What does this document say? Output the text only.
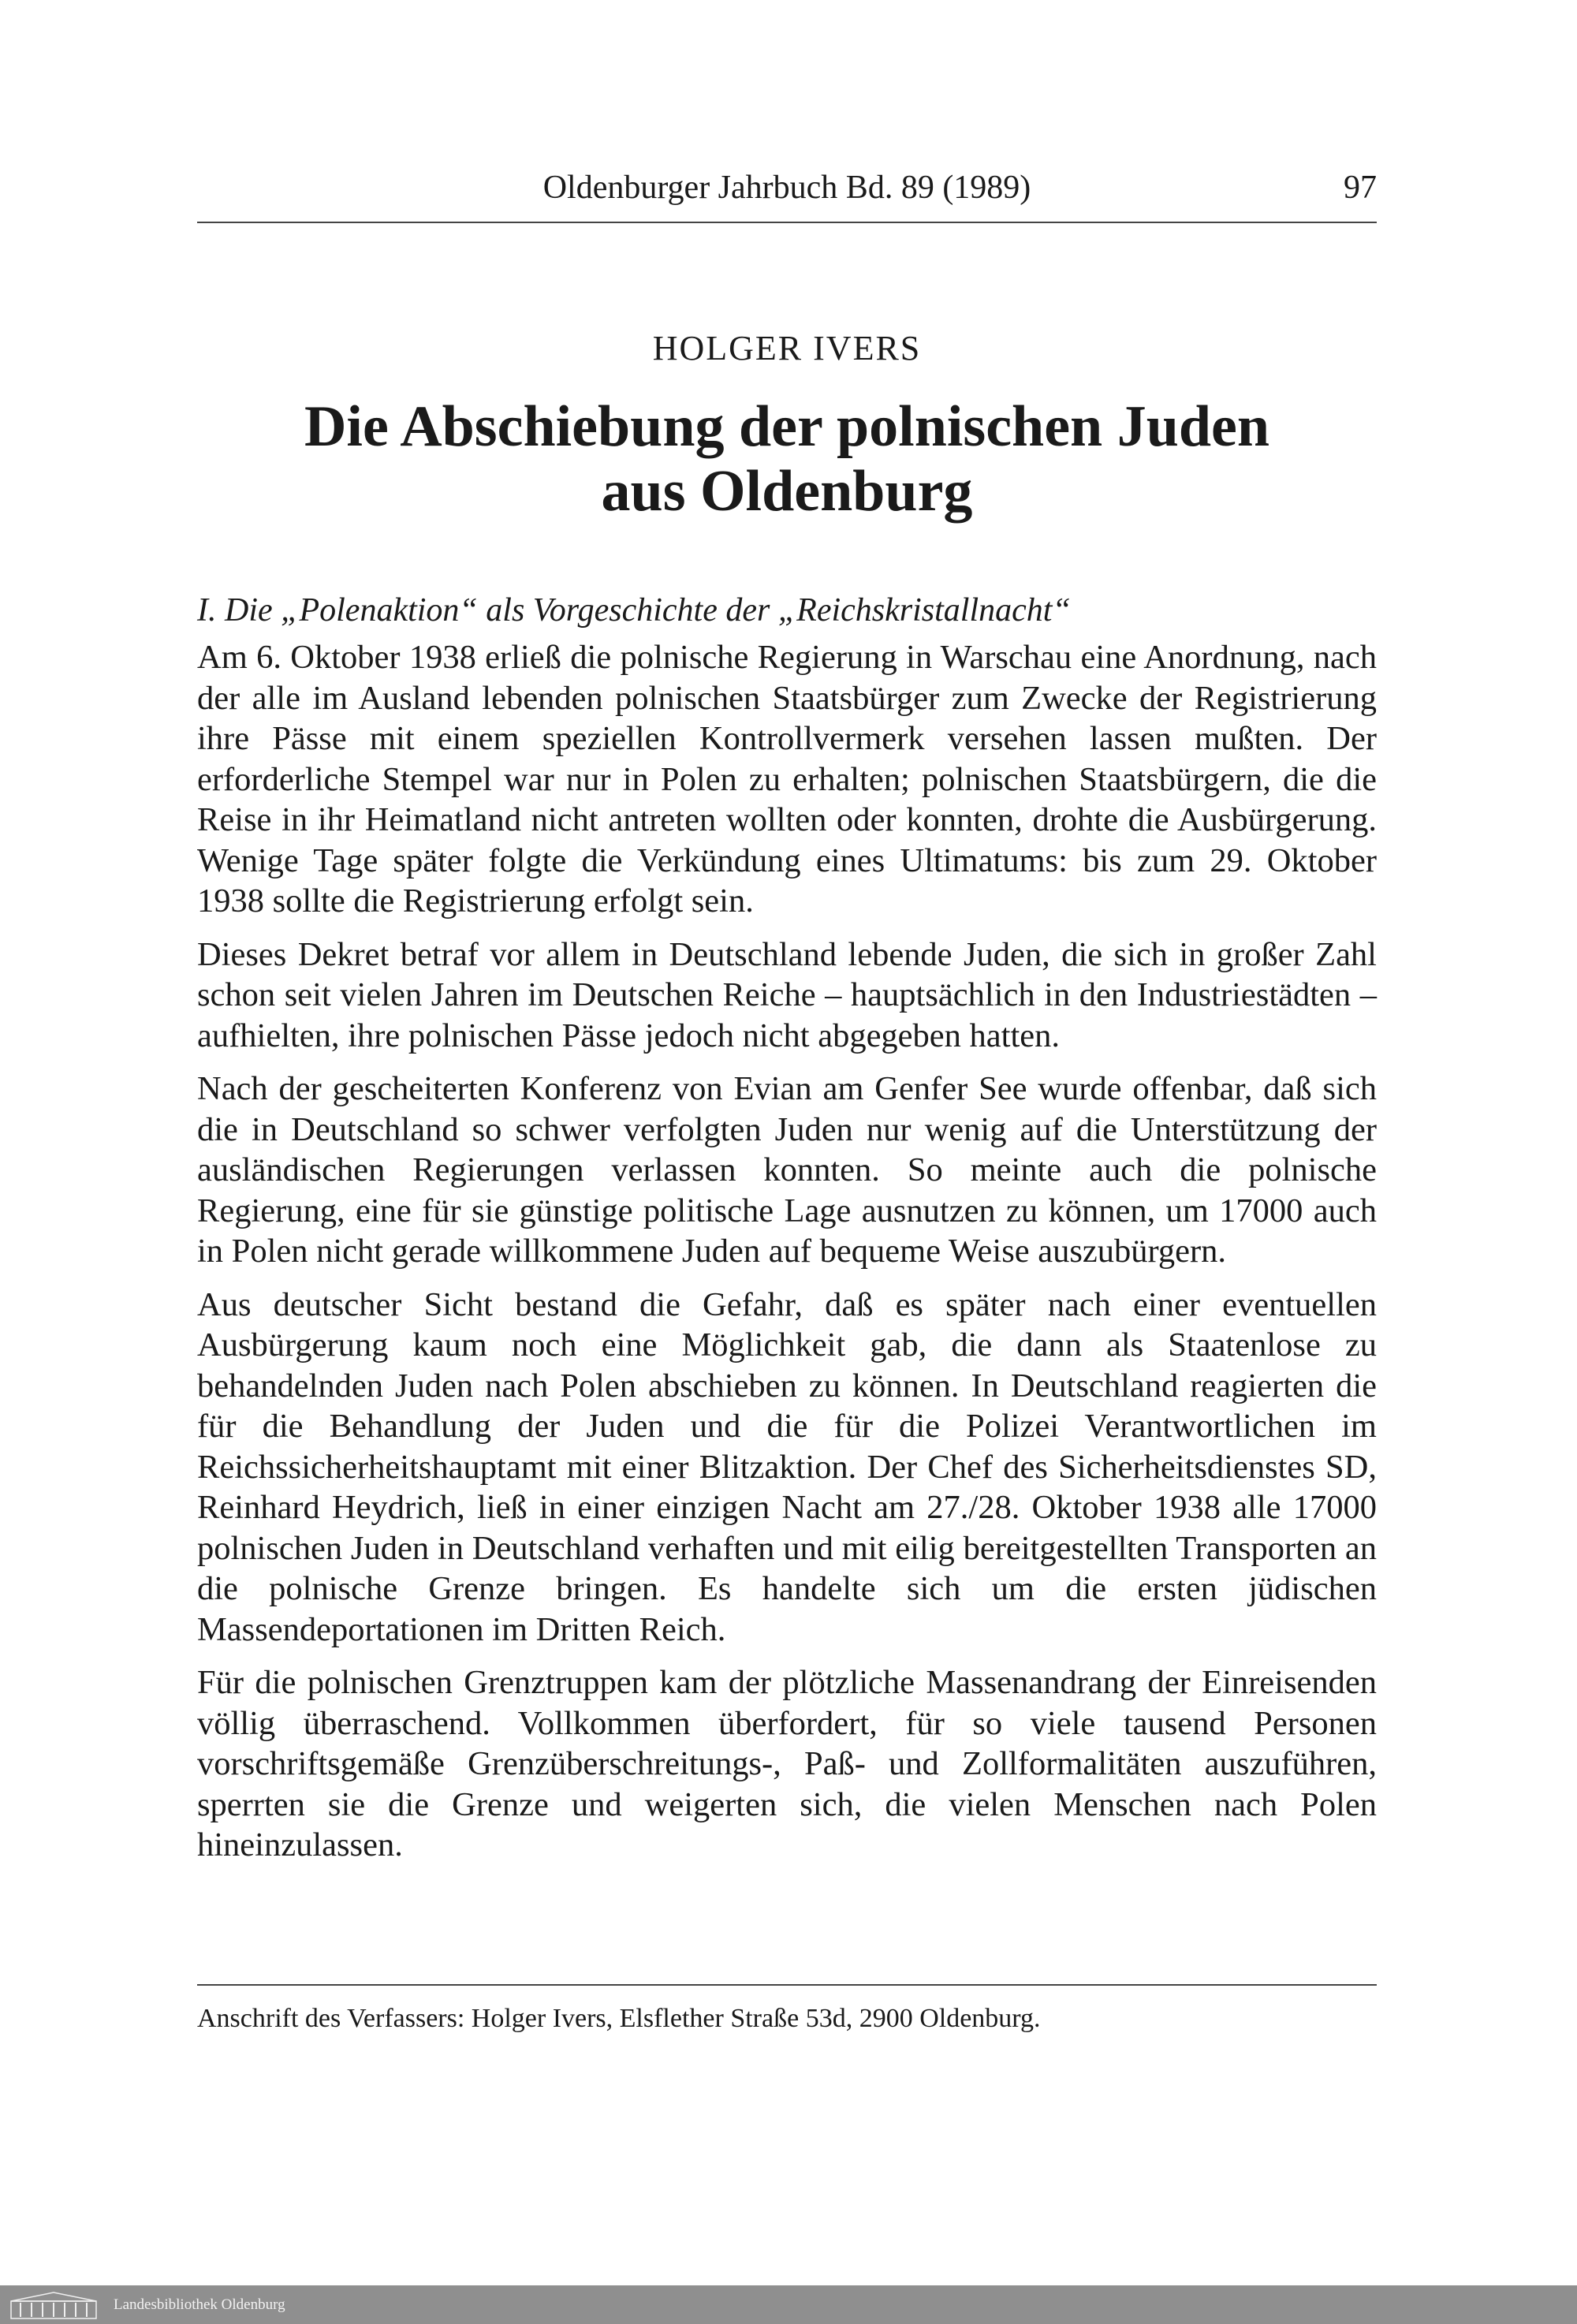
Oldenburger Jahrbuch Bd. 89 (1989)	97
HOLGER IVERS
Die Abschiebung der polnischen Juden
aus Oldenburg
I. Die „Polenaktion“ als Vorgeschichte der „Reichskristallnacht“

Am 6. Oktober 1938 erließ die polnische Regierung in Warschau eine Anordnung, nach der alle im Ausland lebenden polnischen Staatsbürger zum Zwecke der Registrierung ihre Pässe mit einem speziellen Kontrollvermerk versehen lassen mußten. Der erforderliche Stempel war nur in Polen zu erhalten; polnischen Staatsbürgern, die die Reise in ihr Heimatland nicht antreten wollten oder konnten, drohte die Ausbürgerung. Wenige Tage später folgte die Verkündung eines Ultimatums: bis zum 29. Oktober 1938 sollte die Registrierung erfolgt sein.

Dieses Dekret betraf vor allem in Deutschland lebende Juden, die sich in großer Zahl schon seit vielen Jahren im Deutschen Reiche – hauptsächlich in den Industriestädten – aufhielten, ihre polnischen Pässe jedoch nicht abgegeben hatten.

Nach der gescheiterten Konferenz von Evian am Genfer See wurde offenbar, daß sich die in Deutschland so schwer verfolgten Juden nur wenig auf die Unterstützung der ausländischen Regierungen verlassen konnten. So meinte auch die polnische Regierung, eine für sie günstige politische Lage ausnutzen zu können, um 17000 auch in Polen nicht gerade willkommene Juden auf bequeme Weise auszubürgern.

Aus deutscher Sicht bestand die Gefahr, daß es später nach einer eventuellen Ausbürgerung kaum noch eine Möglichkeit gab, die dann als Staatenlose zu behandelnden Juden nach Polen abschieben zu können. In Deutschland reagierten die für die Behandlung der Juden und die für die Polizei Verantwortlichen im Reichssicherheitshauptamt mit einer Blitzaktion. Der Chef des Sicherheitsdienstes SD, Reinhard Heydrich, ließ in einer einzigen Nacht am 27./28. Oktober 1938 alle 17000 polnischen Juden in Deutschland verhaften und mit eilig bereitgestellten Transporten an die polnische Grenze bringen. Es handelte sich um die ersten jüdischen Massendeportationen im Dritten Reich.

Für die polnischen Grenztruppen kam der plötzliche Massenandrang der Einreisenden völlig überraschend. Vollkommen überfordert, für so viele tausend Personen vorschriftsgemäße Grenzüberschreitungs-, Paß- und Zollformalitäten auszuführen, sperrten sie die Grenze und weigerten sich, die vielen Menschen nach Polen hineinzulassen.

Anschrift des Verfassers: Holger Ivers, Elsflether Straße 53d, 2900 Oldenburg.
Landesbibliothek Oldenburg
